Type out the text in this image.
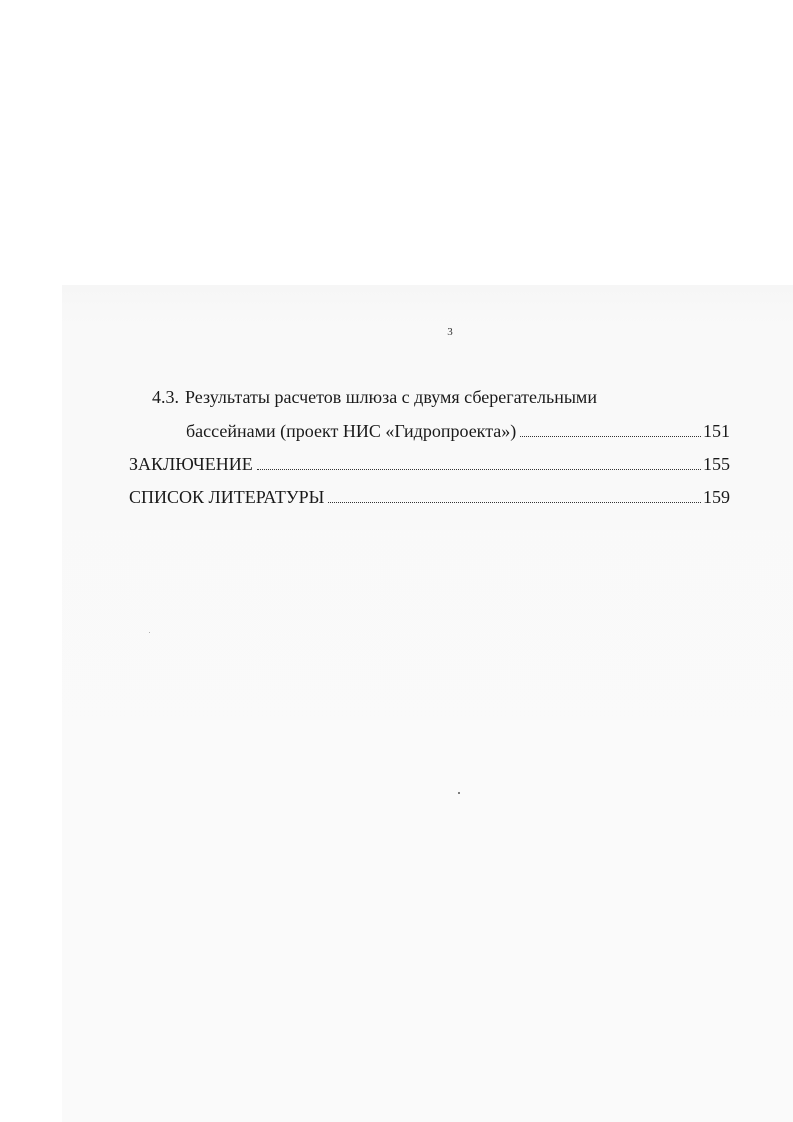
3
4.3. Результаты расчетов шлюза с двумя сберегательными
бассейнами (проект НИС «Гидропроекта»)	151
ЗАКЛЮЧЕНИЕ	155
СПИСОК ЛИТЕРАТУРЫ	159
